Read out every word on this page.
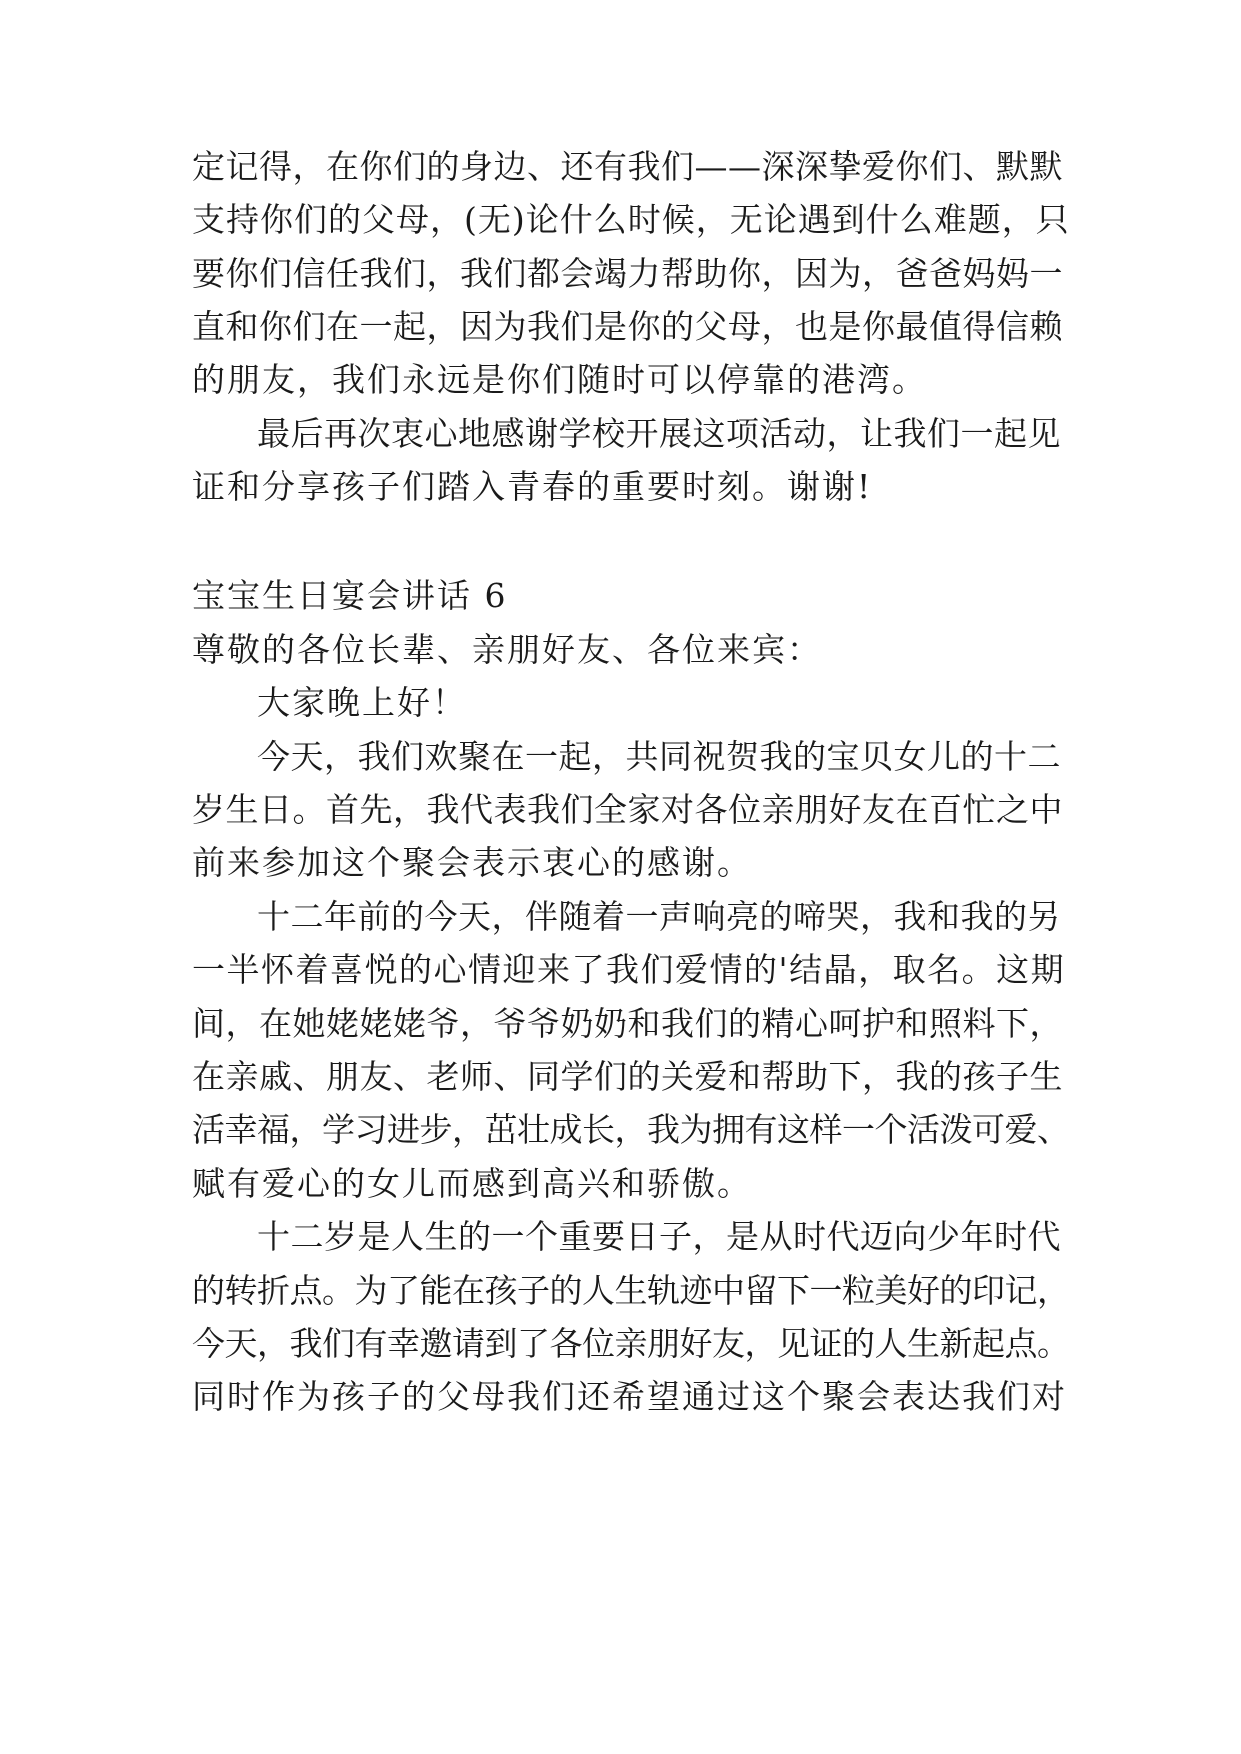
定记得，在你们的身边、还有我们——深深挚爱你们、默默
支持你们的父母，(无)论什么时候，无论遇到什么难题，只
要你们信任我们，我们都会竭力帮助你，因为，爸爸妈妈一
直和你们在一起，因为我们是你的父母，也是你最值得信赖
的朋友，我们永远是你们随时可以停靠的港湾。
最后再次衷心地感谢学校开展这项活动，让我们一起见
证和分享孩子们踏入青春的重要时刻。谢谢!
宝宝生日宴会讲话 6
尊敬的各位长辈、亲朋好友、各位来宾：
大家晚上好！
今天，我们欢聚在一起，共同祝贺我的宝贝女儿的十二
岁生日。首先，我代表我们全家对各位亲朋好友在百忙之中
前来参加这个聚会表示衷心的感谢。
十二年前的今天，伴随着一声响亮的啼哭，我和我的另
一半怀着喜悦的心情迎来了我们爱情的'结晶，取名。这期
间，在她姥姥姥爷，爷爷奶奶和我们的精心呵护和照料下，
在亲戚、朋友、老师、同学们的关爱和帮助下，我的孩子生
活幸福，学习进步，茁壮成长，我为拥有这样一个活泼可爱、
赋有爱心的女儿而感到高兴和骄傲。
十二岁是人生的一个重要日子，是从时代迈向少年时代
的转折点。为了能在孩子的人生轨迹中留下一粒美好的印记，
今天，我们有幸邀请到了各位亲朋好友，见证的人生新起点。
同时作为孩子的父母我们还希望通过这个聚会表达我们对
